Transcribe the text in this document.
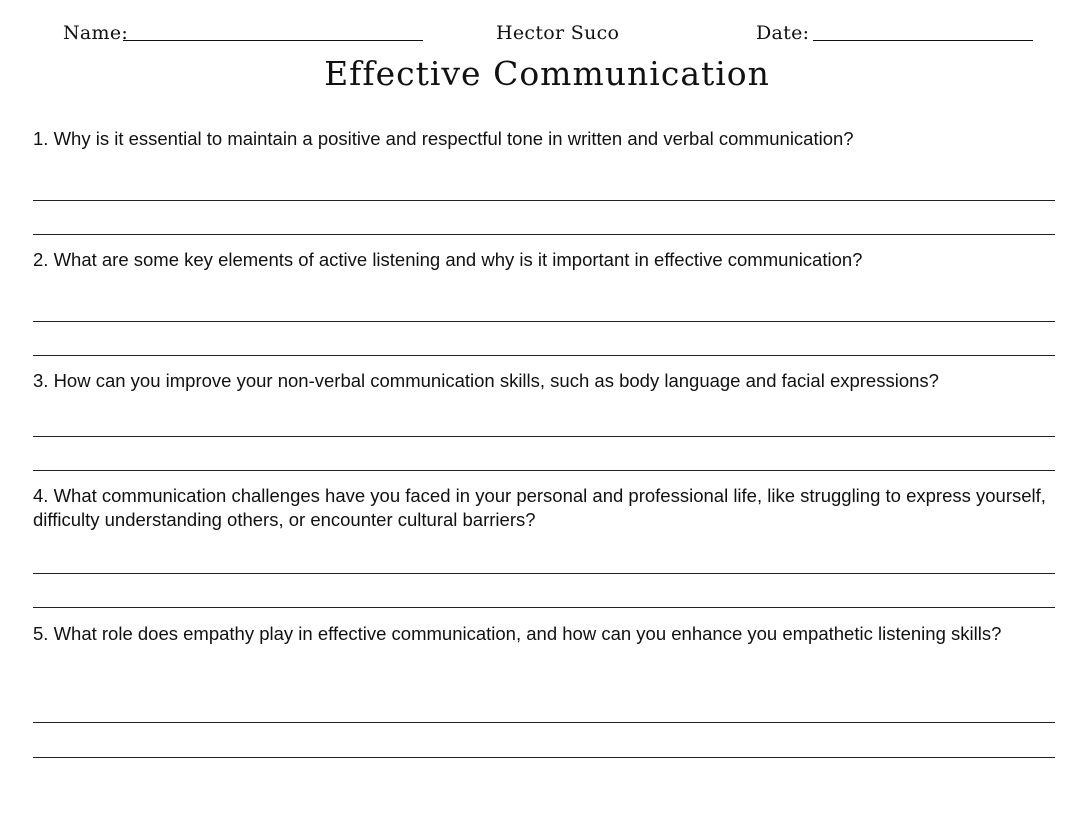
Name:	Hector Suco	Date:
Effective Communication

1. Why is it essential to maintain a positive and respectful tone in written and verbal communication?

2. What are some key elements of active listening and why is it important in effective communication?

3. How can you improve your non-verbal communication skills, such as body language and facial expressions?

4. What communication challenges have you faced in your personal and professional life, like struggling to express yourself, difficulty understanding others, or encounter cultural barriers?

5. What role does empathy play in effective communication, and how can you enhance you empathetic listening skills?
